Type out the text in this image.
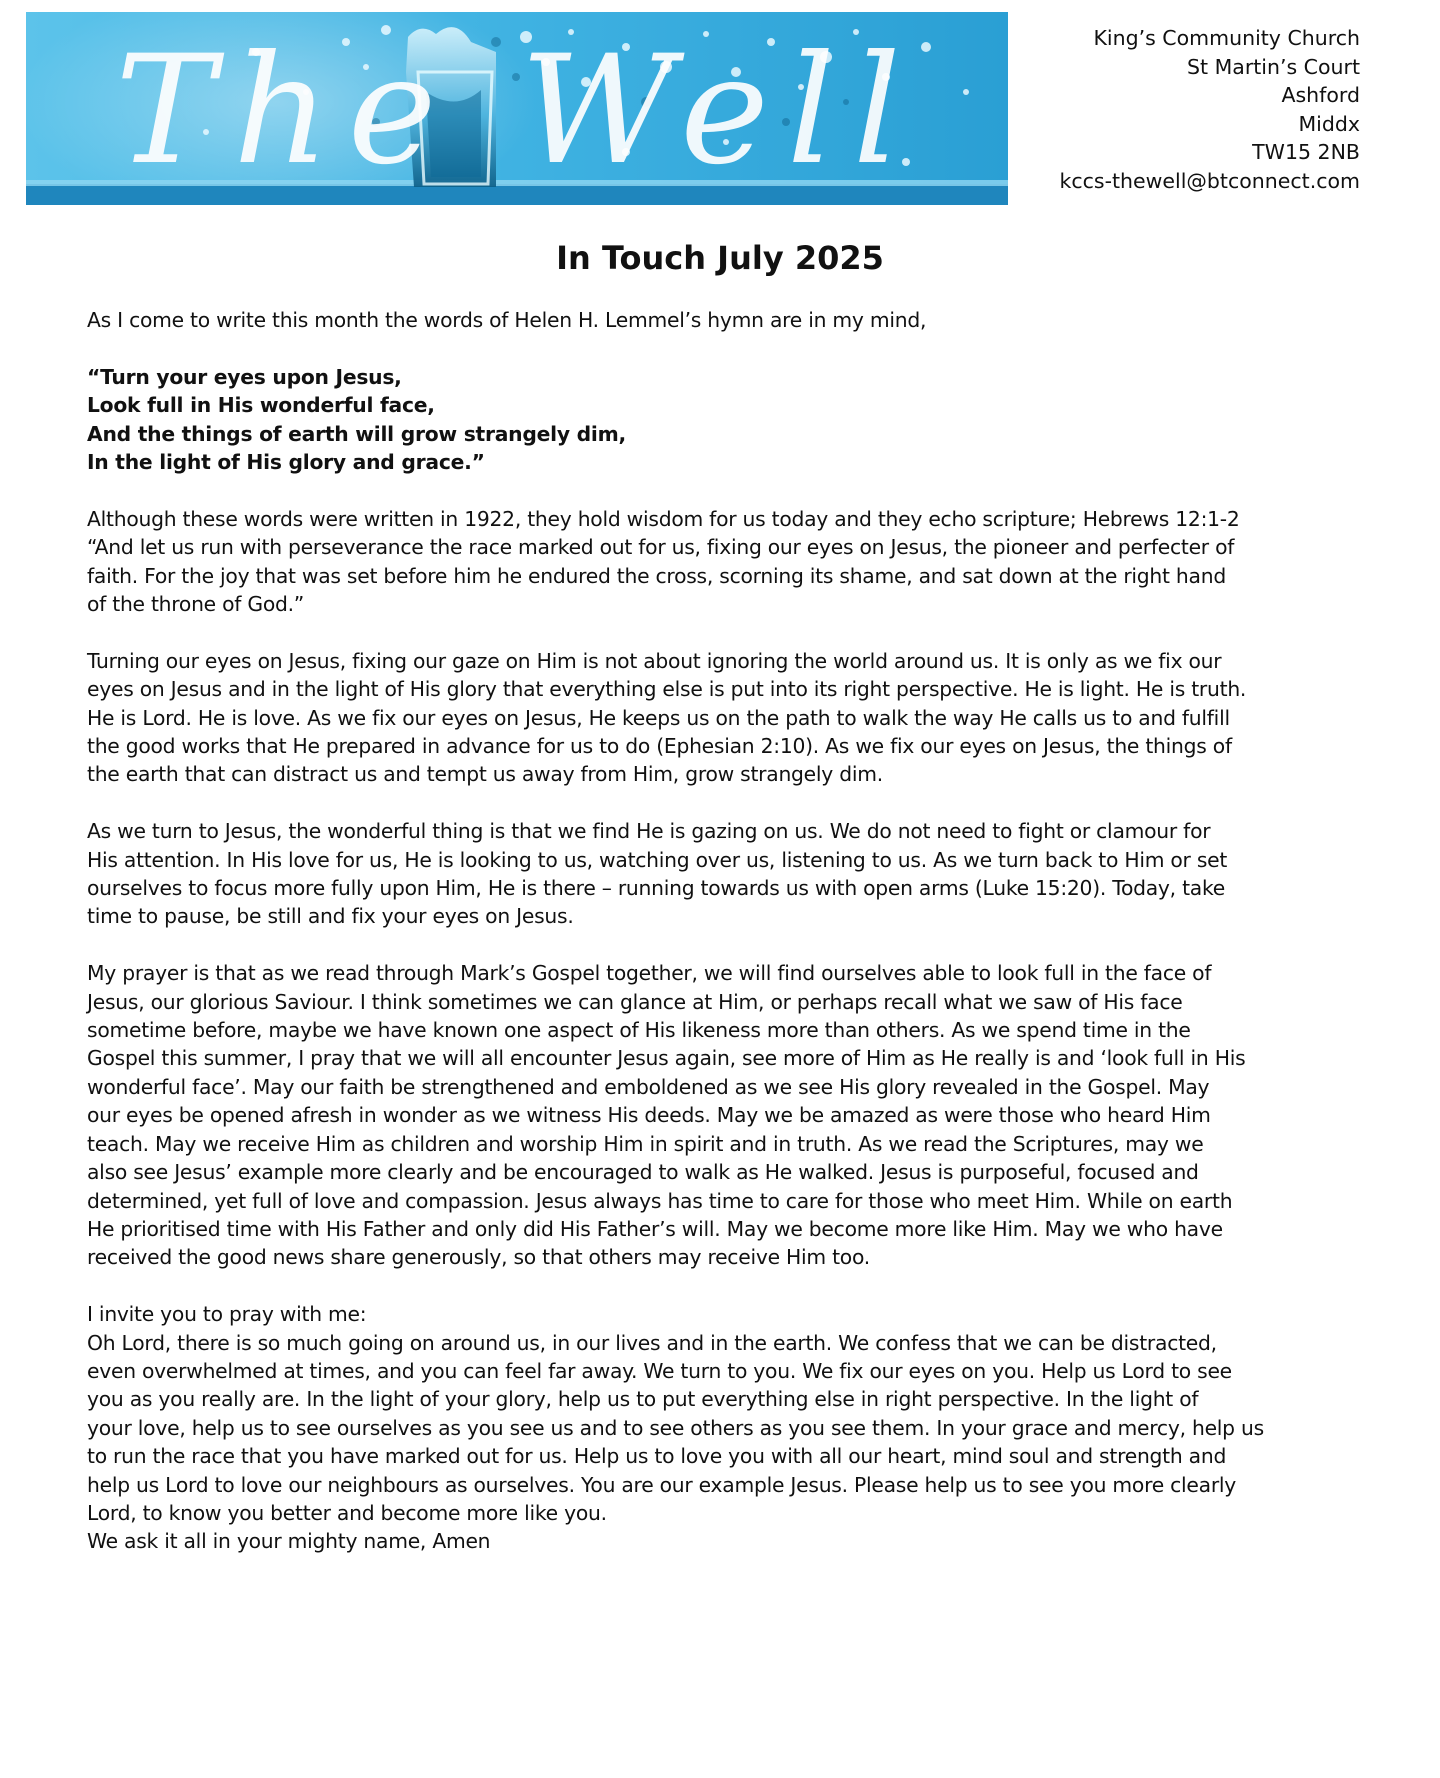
The Well	King’s Community Church
St Martin’s Court
Ashford
Middx
TW15 2NB
kccs-thewell@btconnect.com
In Touch July 2025

As I come to write this month the words of Helen H. Lemmel’s hymn are in my mind,

“Turn your eyes upon Jesus,
Look full in His wonderful face,
And the things of earth will grow strangely dim,
In the light of His glory and grace.”

Although these words were written in 1922, they hold wisdom for us today and they echo scripture; Hebrews 12:1-2
“And let us run with perseverance the race marked out for us, fixing our eyes on Jesus, the pioneer and perfecter of
faith. For the joy that was set before him he endured the cross, scorning its shame, and sat down at the right hand
of the throne of God.”

Turning our eyes on Jesus, fixing our gaze on Him is not about ignoring the world around us. It is only as we fix our
eyes on Jesus and in the light of His glory that everything else is put into its right perspective. He is light. He is truth.
He is Lord. He is love. As we fix our eyes on Jesus, He keeps us on the path to walk the way He calls us to and fulfill
the good works that He prepared in advance for us to do (Ephesian 2:10). As we fix our eyes on Jesus, the things of
the earth that can distract us and tempt us away from Him, grow strangely dim.

As we turn to Jesus, the wonderful thing is that we find He is gazing on us. We do not need to fight or clamour for
His attention. In His love for us, He is looking to us, watching over us, listening to us. As we turn back to Him or set
ourselves to focus more fully upon Him, He is there – running towards us with open arms (Luke 15:20). Today, take
time to pause, be still and fix your eyes on Jesus.

My prayer is that as we read through Mark’s Gospel together, we will find ourselves able to look full in the face of
Jesus, our glorious Saviour. I think sometimes we can glance at Him, or perhaps recall what we saw of His face
sometime before, maybe we have known one aspect of His likeness more than others. As we spend time in the
Gospel this summer, I pray that we will all encounter Jesus again, see more of Him as He really is and ‘look full in His
wonderful face’. May our faith be strengthened and emboldened as we see His glory revealed in the Gospel. May
our eyes be opened afresh in wonder as we witness His deeds. May we be amazed as were those who heard Him
teach. May we receive Him as children and worship Him in spirit and in truth. As we read the Scriptures, may we
also see Jesus’ example more clearly and be encouraged to walk as He walked. Jesus is purposeful, focused and
determined, yet full of love and compassion. Jesus always has time to care for those who meet Him. While on earth
He prioritised time with His Father and only did His Father’s will. May we become more like Him. May we who have
received the good news share generously, so that others may receive Him too.

I invite you to pray with me:
Oh Lord, there is so much going on around us, in our lives and in the earth. We confess that we can be distracted,
even overwhelmed at times, and you can feel far away. We turn to you. We fix our eyes on you. Help us Lord to see
you as you really are. In the light of your glory, help us to put everything else in right perspective. In the light of
your love, help us to see ourselves as you see us and to see others as you see them. In your grace and mercy, help us
to run the race that you have marked out for us. Help us to love you with all our heart, mind soul and strength and
help us Lord to love our neighbours as ourselves. You are our example Jesus. Please help us to see you more clearly
Lord, to know you better and become more like you.
We ask it all in your mighty name, Amen
